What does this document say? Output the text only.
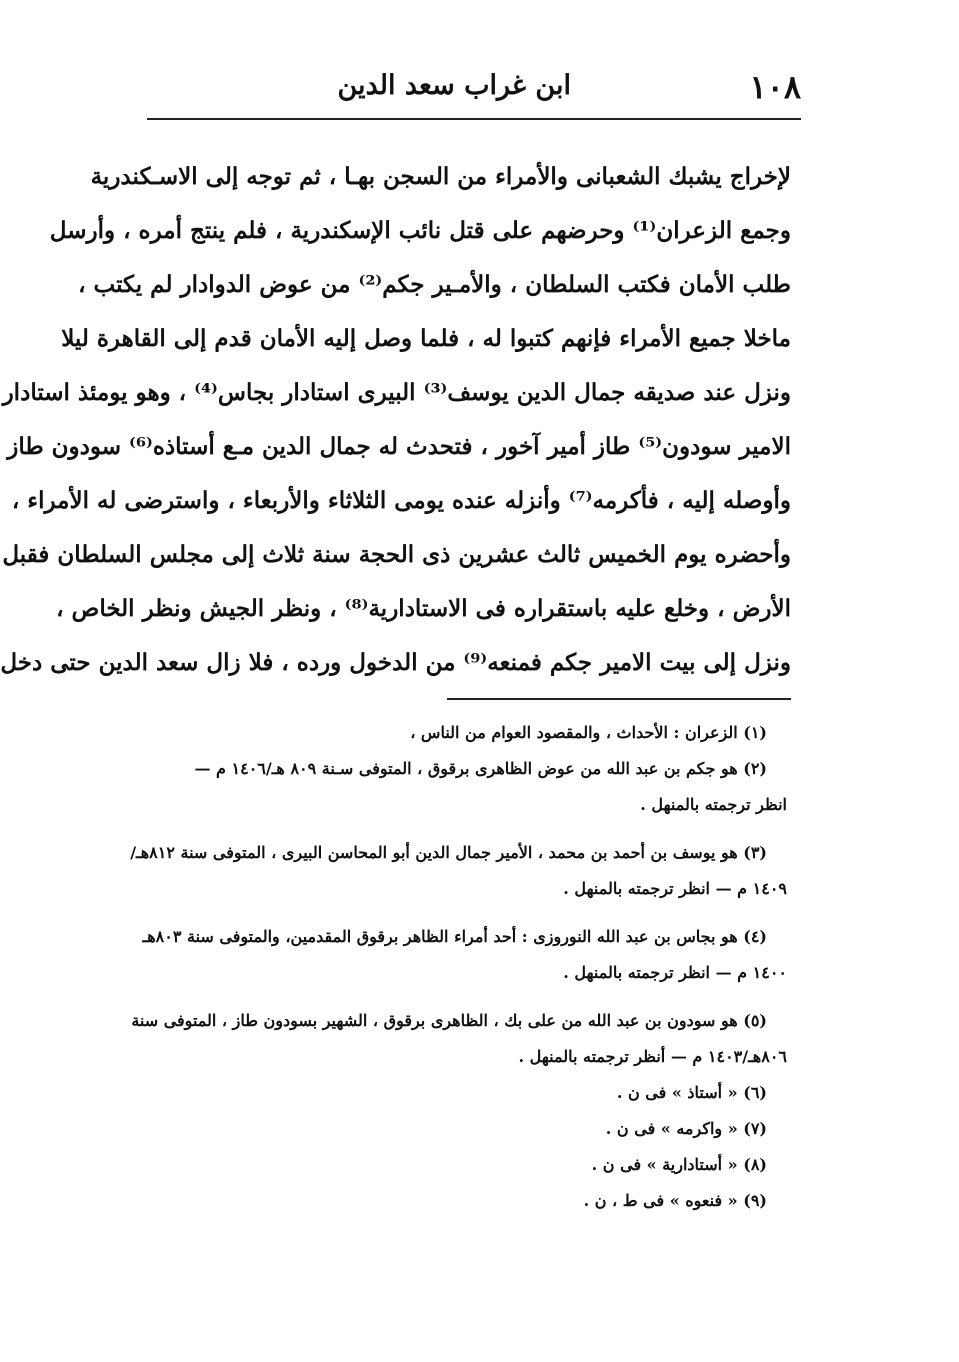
١٠٨
ابن غراب سعد الدين
لإخراج يشبك الشعبانى والأمراء من السجن بهـا ، ثم توجه إلى الاسـكندرية
وجمع الزعران⁽¹⁾ وحرضهم على قتل نائب الإسكندرية ، فلم ينتج أمره ، وأرسل
طلب الأمان فكتب السلطان ، والأمـير جكم⁽²⁾ من عوض الدوادار لم يكتب ،
ماخلا جميع الأمراء فإنهم كتبوا له ، فلما وصل إليه الأمان قدم إلى القاهرة ليلا
ونزل عند صديقه جمال الدين يوسف⁽³⁾ البيرى استادار بجاس⁽⁴⁾ ، وهو يومئذ استادار
الامير سودون⁽⁵⁾ طاز أمير آخور ، فتحدث له جمال الدين مـع أستاذه⁽⁶⁾ سودون طاز
وأوصله إليه ، فأكرمه⁽⁷⁾ وأنزله عنده يومى الثلاثاء والأربعاء ، واسترضى له الأمراء ،
وأحضره يوم الخميس ثالث عشرين ذى الحجة سنة ثلاث إلى مجلس السلطان فقبل
الأرض ، وخلع عليه باستقراره فى الاستادارية⁽⁸⁾ ، ونظر الجيش ونظر الخاص ،
ونزل إلى بيت الامير جكم فمنعه⁽⁹⁾ من الدخول ورده ، فلا زال سعد الدين حتى دخل
(١) الزعران : الأحداث ، والمقصود العوام من الناس ،
(٢) هو جكم بن عبد الله من عوض الظاهرى برقوق ، المتوفى سـنة ٨٠٩ هـ/١٤٠٦ م —
انظر ترجمته بالمنهل .
(٣) هو يوسف بن أحمد بن محمد ، الأمير جمال الدين أبو المحاسن البيرى ، المتوفى سنة ٨١٢هـ/
١٤٠٩ م — انظر ترجمته بالمنهل .
(٤) هو بجاس بن عبد الله النوروزى : أحد أمراء الظاهر برقوق المقدمين، والمتوفى سنة ٨٠٣هـ
١٤٠٠ م — انظر ترجمته بالمنهل .
(٥) هو سودون بن عبد الله من على بك ، الظاهرى برقوق ، الشهير بسودون طاز ، المتوفى سنة
٨٠٦هـ/١٤٠٣ م — أنظر ترجمته بالمنهل .
(٦) « أستاذ » فى ن .
(٧) « واكرمه » فى ن .
(٨) « أستادارية » فى ن .
(٩) « فنعوه » فى ط ، ن .
